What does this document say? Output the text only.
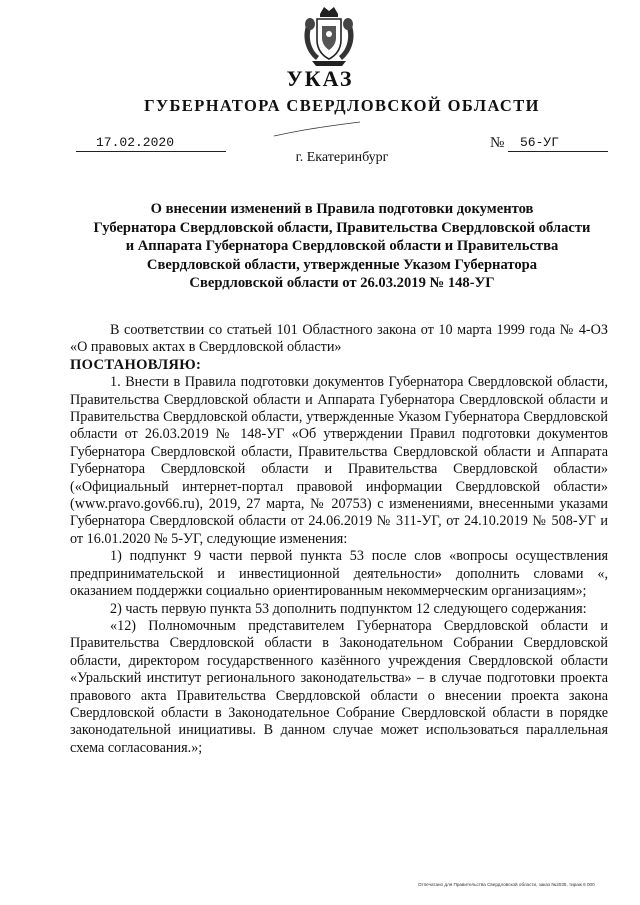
УКАЗ
ГУБЕРНАТОРА СВЕРДЛОВСКОЙ ОБЛАСТИ
17.02.2020	№	56-УГ
г. Екатеринбург
О внесении изменений в Правила подготовки документов
Губернатора Свердловской области, Правительства Свердловской области
и Аппарата Губернатора Свердловской области и Правительства
Свердловской области, утвержденные Указом Губернатора
Свердловской области от 26.03.2019 № 148-УГ

В соответствии со статьей 101 Областного закона от 10 марта 1999 года № 4-ОЗ «О правовых актах в Свердловской области»

ПОСТАНОВЛЯЮ:

1. Внести в Правила подготовки документов Губернатора Свердловской области, Правительства Свердловской области и Аппарата Губернатора Свердловской области и Правительства Свердловской области, утвержденные Указом Губернатора Свердловской области от 26.03.2019 № 148-УГ «Об утверждении Правил подготовки документов Губернатора Свердловской области, Правительства Свердловской области и Аппарата Губернатора Свердловской области и Правительства Свердловской области» («Официальный интернет-портал правовой информации Свердловской области» (www.pravo.gov66.ru), 2019, 27 марта, № 20753) с изменениями, внесенными указами Губернатора Свердловской области от 24.06.2019 № 311-УГ, от 24.10.2019 № 508-УГ и от 16.01.2020 № 5-УГ, следующие изменения:

1) подпункт 9 части первой пункта 53 после слов «вопросы осуществления предпринимательской и инвестиционной деятельности» дополнить словами «, оказанием поддержки социально ориентированным некоммерческим организациям»;

2) часть первую пункта 53 дополнить подпунктом 12 следующего содержания:

«12) Полномочным представителем Губернатора Свердловской области и Правительства Свердловской области в Законодательном Собрании Свердловской области, директором государственного казённого учреждения Свердловской области «Уральский институт регионального законодательства» – в случае подготовки проекта правового акта Правительства Свердловской области о внесении проекта закона Свердловской области в Законодательное Собрание Свердловской области в порядке законодательной инициативы. В данном случае может использоваться параллельная схема согласования.»;

Отпечатано для Правительства Свердловской области, заказ №2035, тираж 6 000
